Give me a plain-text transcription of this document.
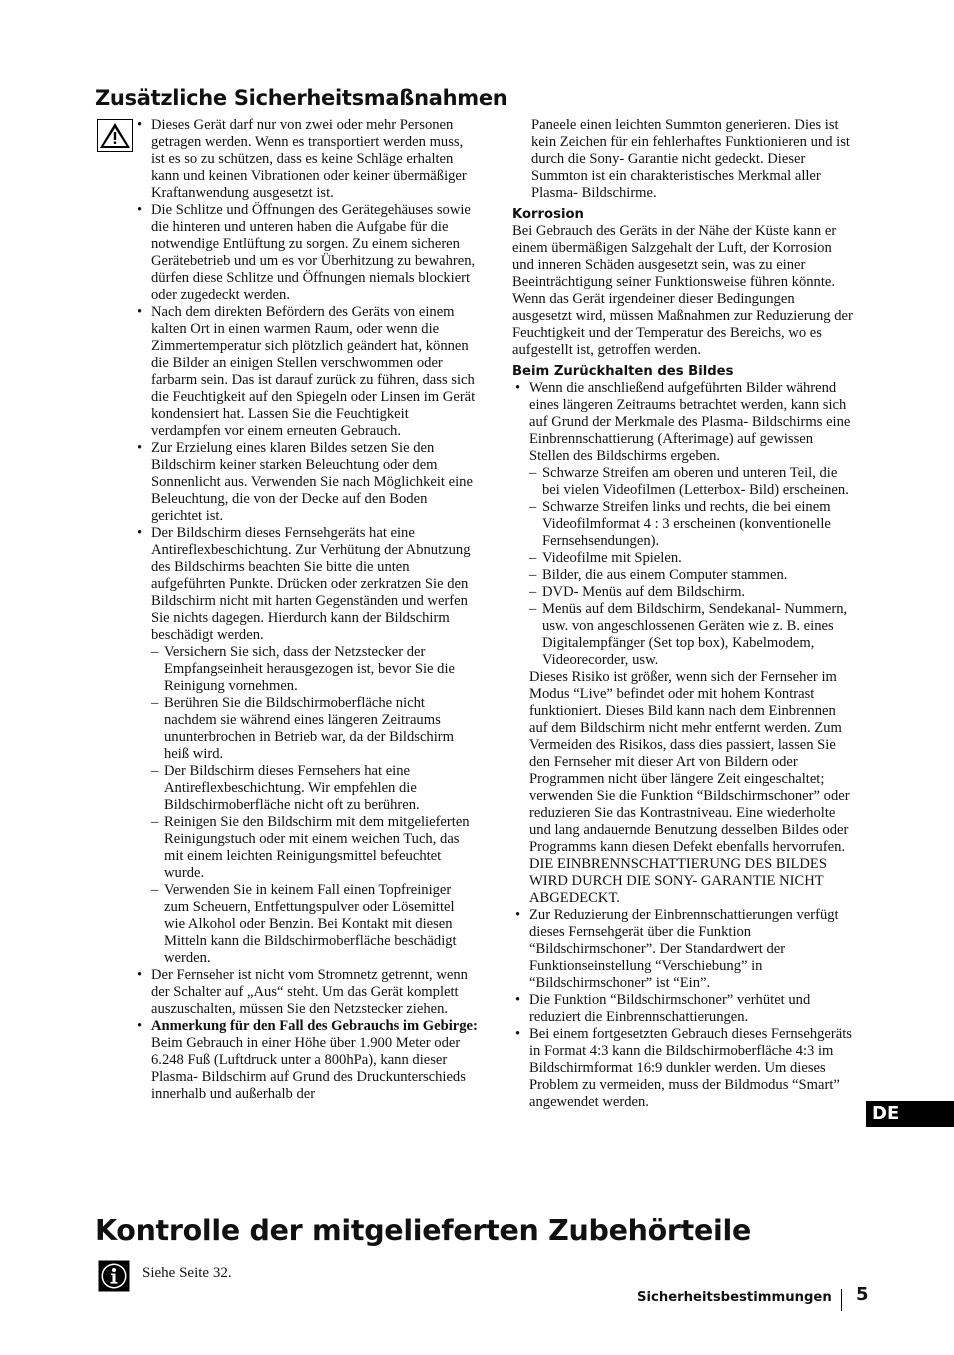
Zusätzliche Sicherheitsmaßnahmen
• Dieses Gerät darf nur von zwei oder mehr Personen getragen werden. Wenn es transportiert werden muss, ist es so zu schützen, dass es keine Schläge erhalten kann und keinen Vibrationen oder keiner übermäßiger Kraftanwendung ausgesetzt ist.
• Die Schlitze und Öffnungen des Gerätegehäuses sowie die hinteren und unteren haben die Aufgabe für die notwendige Entlüftung zu sorgen. Zu einem sicheren Gerätebetrieb und um es vor Überhitzung zu bewahren, dürfen diese Schlitze und Öffnungen niemals blockiert oder zugedeckt werden.
• Nach dem direkten Befördern des Geräts von einem kalten Ort in einen warmen Raum, oder wenn die Zimmertemperatur sich plötzlich geändert hat, können die Bilder an einigen Stellen verschwommen oder farbarm sein. Das ist darauf zurück zu führen, dass sich die Feuchtigkeit auf den Spiegeln oder Linsen im Gerät kondensiert hat. Lassen Sie die Feuchtigkeit verdampfen vor einem erneuten Gebrauch.
• Zur Erzielung eines klaren Bildes setzen Sie den Bildschirm keiner starken Beleuchtung oder dem Sonnenlicht aus. Verwenden Sie nach Möglichkeit eine Beleuchtung, die von der Decke auf den Boden gerichtet ist.
• Der Bildschirm dieses Fernsehgeräts hat eine Antireflexbeschichtung. Zur Verhütung der Abnutzung des Bildschirms beachten Sie bitte die unten aufgeführten Punkte. Drücken oder zerkratzen Sie den Bildschirm nicht mit harten Gegenständen und werfen Sie nichts dagegen. Hierdurch kann der Bildschirm beschädigt werden.
– Versichern Sie sich, dass der Netzstecker der Empfangseinheit herausgezogen ist, bevor Sie die Reinigung vornehmen.
– Berühren Sie die Bildschirmoberfläche nicht nachdem sie während eines längeren Zeitraums ununterbrochen in Betrieb war, da der Bildschirm heiß wird.
– Der Bildschirm dieses Fernsehers hat eine Antireflexbeschichtung. Wir empfehlen die Bildschirmoberfläche nicht oft zu berühren.
– Reinigen Sie den Bildschirm mit dem mitgelieferten Reinigungstuch oder mit einem weichen Tuch, das mit einem leichten Reinigungsmittel befeuchtet wurde.
– Verwenden Sie in keinem Fall einen Topfreiniger zum Scheuern, Entfettungspulver oder Lösemittel wie Alkohol oder Benzin. Bei Kontakt mit diesen Mitteln kann die Bildschirmoberfläche beschädigt werden.
• Der Fernseher ist nicht vom Stromnetz getrennt, wenn der Schalter auf „Aus“ steht. Um das Gerät komplett auszuschalten, müssen Sie den Netzstecker ziehen.
• Anmerkung für den Fall des Gebrauchs im Gebirge:
Beim Gebrauch in einer Höhe über 1.900 Meter oder 6.248 Fuß (Luftdruck unter a 800hPa), kann dieser Plasma- Bildschirm auf Grund des Druckunterschieds innerhalb und außerhalb der

Paneele einen leichten Summton generieren. Dies ist kein Zeichen für ein fehlerhaftes Funktionieren und ist durch die Sony- Garantie nicht gedeckt. Dieser Summton ist ein charakteristisches Merkmal aller Plasma- Bildschirme.

Korrosion

Bei Gebrauch des Geräts in der Nähe der Küste kann er einem übermäßigen Salzgehalt der Luft, der Korrosion und inneren Schäden ausgesetzt sein, was zu einer Beeinträchtigung seiner Funktionsweise führen könnte. Wenn das Gerät irgendeiner dieser Bedingungen ausgesetzt wird, müssen Maßnahmen zur Reduzierung der Feuchtigkeit und der Temperatur des Bereichs, wo es aufgestellt ist, getroffen werden.

Beim Zurückhalten des Bildes

• Wenn die anschließend aufgeführten Bilder während eines längeren Zeitraums betrachtet werden, kann sich auf Grund der Merkmale des Plasma- Bildschirms eine Einbrennschattierung (Afterimage) auf gewissen Stellen des Bildschirms ergeben.
– Schwarze Streifen am oberen und unteren Teil, die bei vielen Videofilmen (Letterbox- Bild) erscheinen.
– Schwarze Streifen links und rechts, die bei einem Videofilmformat 4 : 3 erscheinen (konventionelle Fernsehsendungen).
– Videofilme mit Spielen.
– Bilder, die aus einem Computer stammen.
– DVD- Menüs auf dem Bildschirm.
– Menüs auf dem Bildschirm, Sendekanal- Nummern, usw. von angeschlossenen Geräten wie z. B. eines Digitalempfänger (Set top box), Kabelmodem, Videorecorder, usw.
Dieses Risiko ist größer, wenn sich der Fernseher im Modus “Live” befindet oder mit hohem Kontrast funktioniert. Dieses Bild kann nach dem Einbrennen auf dem Bildschirm nicht mehr entfernt werden. Zum Vermeiden des Risikos, dass dies passiert, lassen Sie den Fernseher mit dieser Art von Bildern oder Programmen nicht über längere Zeit eingeschaltet; verwenden Sie die Funktion “Bildschirmschoner” oder reduzieren Sie das Kontrastniveau. Eine wiederholte und lang andauernde Benutzung desselben Bildes oder Programms kann diesen Defekt ebenfalls hervorrufen. DIE EINBRENNSCHATTIERUNG DES BILDES WIRD DURCH DIE SONY- GARANTIE NICHT ABGEDECKT.
• Zur Reduzierung der Einbrennschattierungen verfügt dieses Fernsehgerät über die Funktion “Bildschirmschoner”. Der Standardwert der Funktionseinstellung “Verschiebung” in “Bildschirmschoner” ist “Ein”.
• Die Funktion “Bildschirmschoner” verhütet und reduziert die Einbrennschattierungen.
• Bei einem fortgesetzten Gebrauch dieses Fernsehgeräts in Format 4:3 kann die Bildschirmoberfläche 4:3 im Bildschirmformat 16:9 dunkler werden. Um dieses Problem zu vermeiden, muss der Bildmodus “Smart” angewendet werden.
DE
Kontrolle der mitgelieferten Zubehörteile
Siehe Seite 32.
Sicherheitsbestimmungen 5
